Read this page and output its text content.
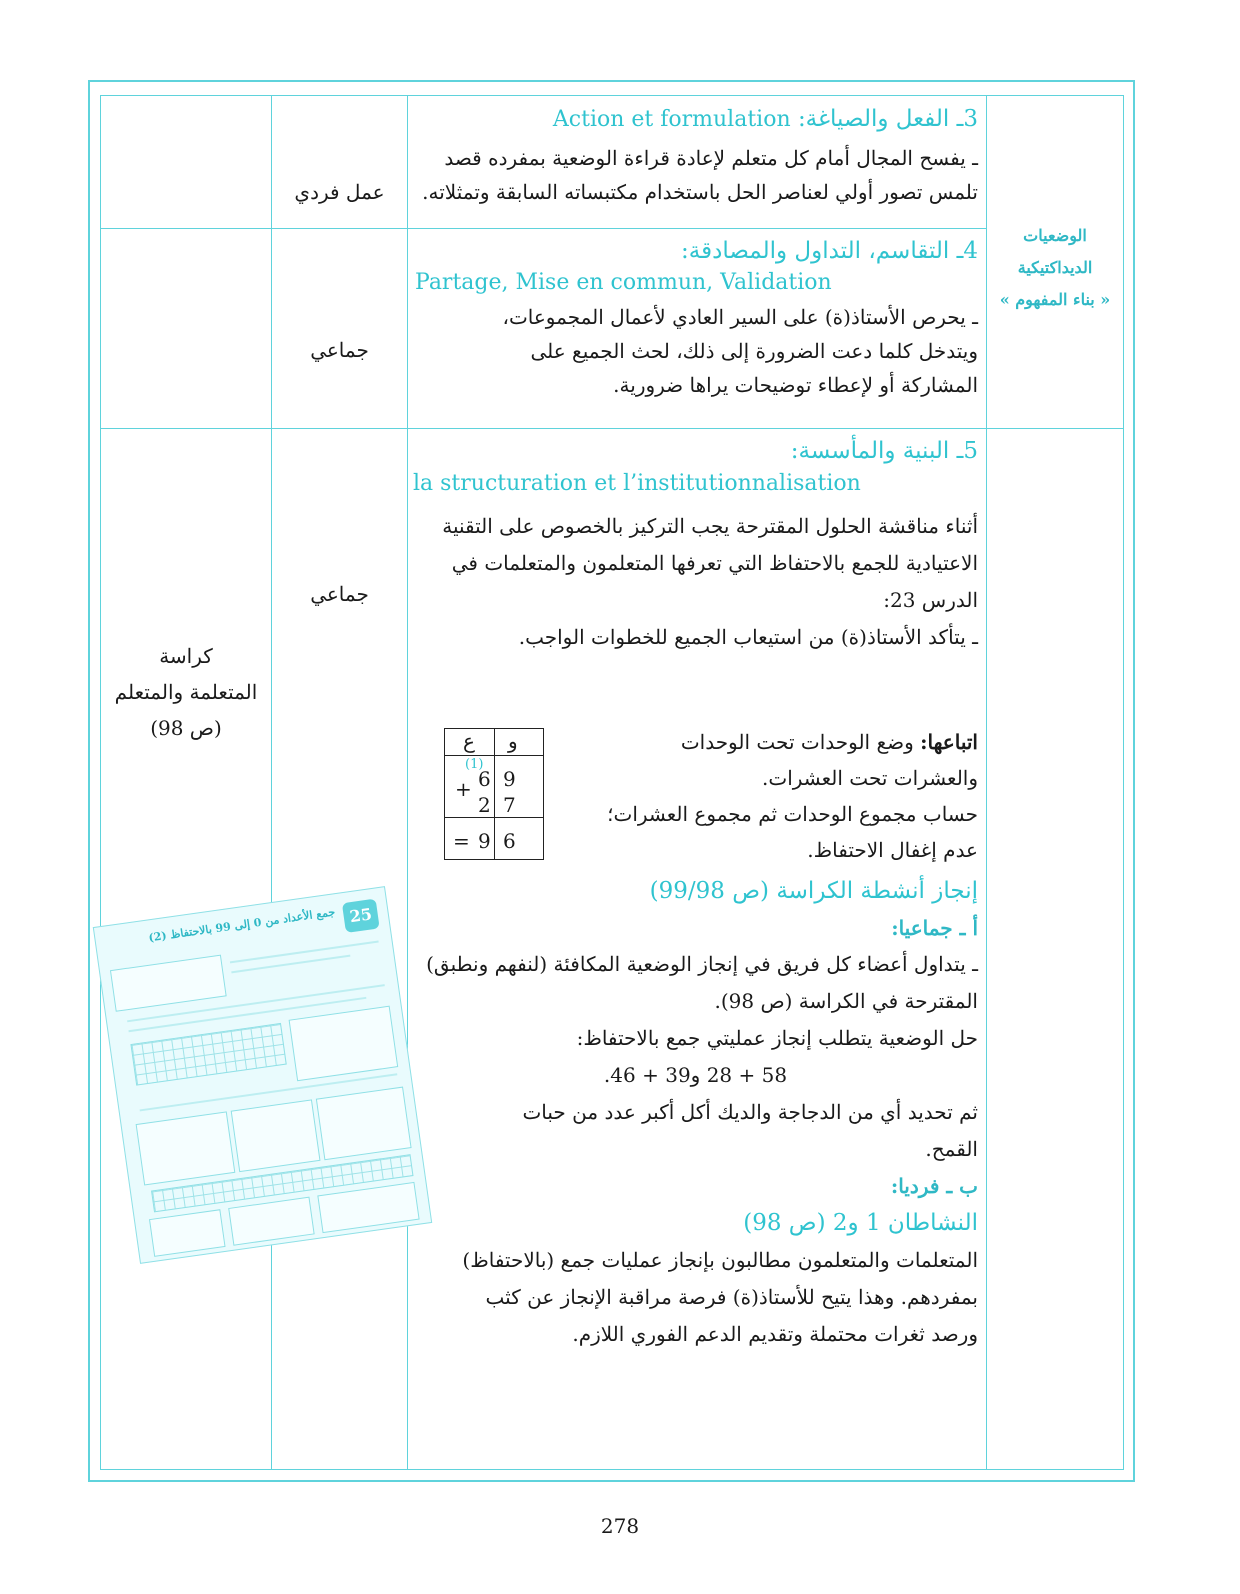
الوضعيات
الديداكتيكية
« بناء المفهوم »
3ـ الفعل والصياغة: Action et formulation
ـ يفسح المجال أمام كل متعلم لإعادة قراءة الوضعية بمفرده قصد
تلمس تصور أولي لعناصر الحل باستخدام مكتبساته السابقة وتمثلاته.
عمل فردي
4ـ التقاسم، التداول والمصادقة:
Partage, Mise en commun, Validation
ـ يحرص الأستاذ(ة) على السير العادي لأعمال المجموعات،
ويتدخل كلما دعت الضرورة إلى ذلك، لحث الجميع على
المشاركة أو لإعطاء توضيحات يراها ضرورية.
جماعي
جماعي
كراسة
المتعلمة والمتعلم
(ص 98)
5ـ البنية والمأسسة:
la structuration et l’institutionnalisation
أثناء مناقشة الحلول المقترحة يجب التركيز بالخصوص على التقنية
الاعتيادية للجمع بالاحتفاظ التي تعرفها المتعلمون والمتعلمات في
الدرس 23:
ـ يتأكد الأستاذ(ة) من استيعاب الجميع للخطوات الواجب.
اتباعها: وضع الوحدات تحت الوحدات
والعشرات تحت العشرات.
حساب مجموع الوحدات ثم مجموع العشرات؛
عدم إغفال الاحتفاظ.
و
ع
(1)
6 9
+
2 7
= 9 6
إنجاز أنشطة الكراسة (ص 99/98)
أ ـ جماعيا:
ـ يتداول أعضاء كل فريق في إنجاز الوضعية المكافئة (لنفهم ونطبق)
المقترحة في الكراسة (ص 98).
حل الوضعية يتطلب إنجاز عمليتي جمع بالاحتفاظ:
58 + 28 و39 + 46.
ثم تحديد أي من الدجاجة والديك أكل أكبر عدد من حبات
القمح.
ب ـ فرديا:
النشاطان 1 و2 (ص 98)
المتعلمات والمتعلمون مطالبون بإنجاز عمليات جمع (بالاحتفاظ)
بمفردهم. وهذا يتيح للأستاذ(ة) فرصة مراقبة الإنجاز عن كثب
ورصد ثغرات محتملة وتقديم الدعم الفوري اللازم.
25
جمع الأعداد من 0 إلى 99 بالاحتفاظ (2)
278
